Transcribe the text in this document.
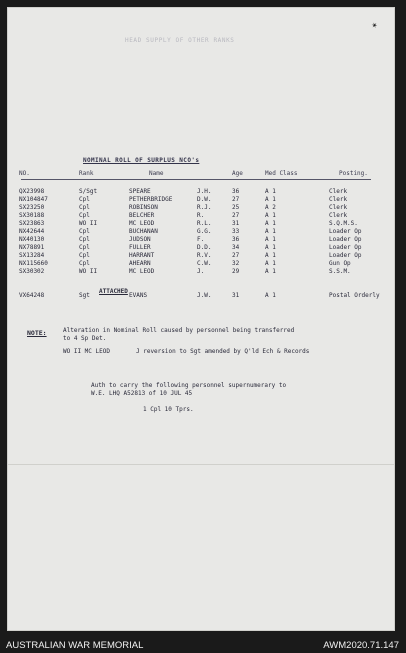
✶
HEAD SUPPLY OF OTHER RANKS
NOMINAL ROLL OF SURPLUS NCO's
NO.	Rank	Name	Age	Med Class	Posting.
QX23998	S/Sgt	SPEARE	J.H.	36	A 1	Clerk
NX104847	Cpl	PETHERBRIDGE	D.W.	27	A 1	Clerk
SX23250	Cpl	ROBINSON	R.J.	25	A 2	Clerk
SX30188	Cpl	BELCHER	R.	27	A 1	Clerk
SX23863	WO II	MC LEOD	R.L.	31	A 1	S.Q.M.S.
NX42644	Cpl	BUCHANAN	G.G.	33	A 1	Loader Op
NX40130	Cpl	JUDSON	F.	36	A 1	Loader Op
NX78891	Cpl	FULLER	D.D.	34	A 1	Loader Op
SX13284	Cpl	HARRANT	R.V.	27	A 1	Loader Op
NX115660	Cpl	AHEARN	C.W.	32	A 1	Gun Op
SX30302	WO II	MC LEOD	J.	29	A 1	S.S.M.
ATTACHED
VX64248	Sgt	EVANS	J.W.	31	A 1	Postal Orderly
NOTE:	Alteration in Nominal Roll caused by personnel being transferred
to 4 Sp Det.
WO II MC LEOD	J reversion to Sgt amended by Q'ld Ech & Records
Auth to carry the following personnel supernumerary to
W.E. LHQ A52813 of 10 JUL 45
1 Cpl 10 Tprs.
AUSTRALIAN WAR MEMORIAL	AWM2020.71.147
